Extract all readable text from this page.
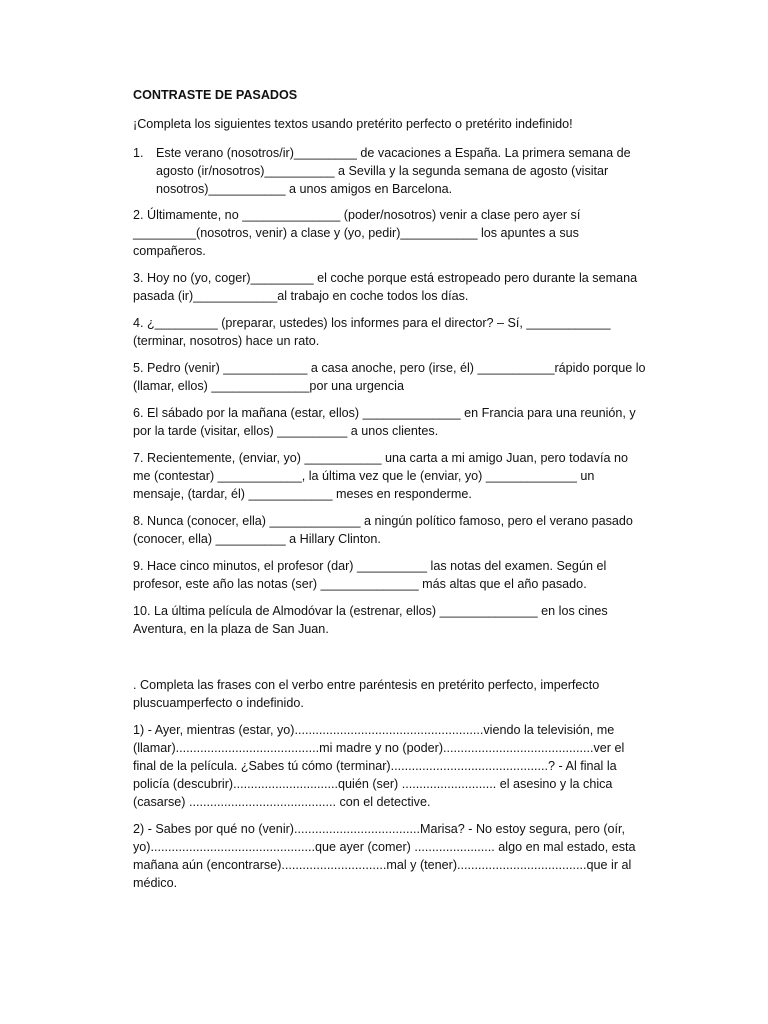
CONTRASTE DE PASADOS
¡Completa los siguientes textos usando pretérito perfecto o pretérito indefinido!
1. Este verano (nosotros/ir)_________ de vacaciones a España. La primera semana de
agosto (ir/nosotros)__________ a Sevilla y la segunda semana de agosto (visitar
nosotros)___________ a unos amigos en Barcelona.
2. Últimamente, no ______________ (poder/nosotros) venir a clase pero ayer sí
_________(nosotros, venir) a clase y (yo, pedir)___________ los apuntes a sus
compañeros.
3. Hoy no (yo, coger)_________ el coche porque está estropeado pero durante la semana
pasada (ir)____________al trabajo en coche todos los días.
4. ¿_________ (preparar, ustedes) los informes para el director? – Sí, ____________
(terminar, nosotros) hace un rato.
5. Pedro (venir) ____________ a casa anoche, pero (irse, él) ___________rápido porque lo
(llamar, ellos) ______________por una urgencia
6. El sábado por la mañana (estar, ellos) ______________ en Francia para una reunión, y
por la tarde (visitar, ellos) __________ a unos clientes.
7. Recientemente, (enviar, yo) ___________ una carta a mi amigo Juan, pero todavía no
me (contestar) ____________, la última vez que le (enviar, yo) _____________ un
mensaje, (tardar, él) ____________ meses en responderme.
8. Nunca (conocer, ella) _____________ a ningún político famoso, pero el verano pasado
(conocer, ella) __________ a Hillary Clinton.
9. Hace cinco minutos, el profesor (dar) __________ las notas del examen. Según el
profesor, este año las notas (ser) ______________ más altas que el año pasado.
10. La última película de Almodóvar la (estrenar, ellos) ______________ en los cines
Aventura, en la plaza de San Juan.
. Completa las frases con el verbo entre paréntesis en pretérito perfecto, imperfecto
pluscuamperfecto o indefinido.
1) - Ayer, mientras (estar, yo)......................................................viendo la televisión, me
(llamar).........................................mi madre y no (poder)...........................................ver el
final de la película. ¿Sabes tú cómo (terminar).............................................? - Al final la
policía (descubrir)..............................quién (ser) ........................... el asesino y la chica
(casarse) .......................................... con el detective.
2) - Sabes por qué no (venir)....................................Marisa? - No estoy segura, pero (oír,
yo)...............................................que ayer (comer) ....................... algo en mal estado, esta
mañana aún (encontrarse)..............................mal y (tener).....................................que ir al
médico.
